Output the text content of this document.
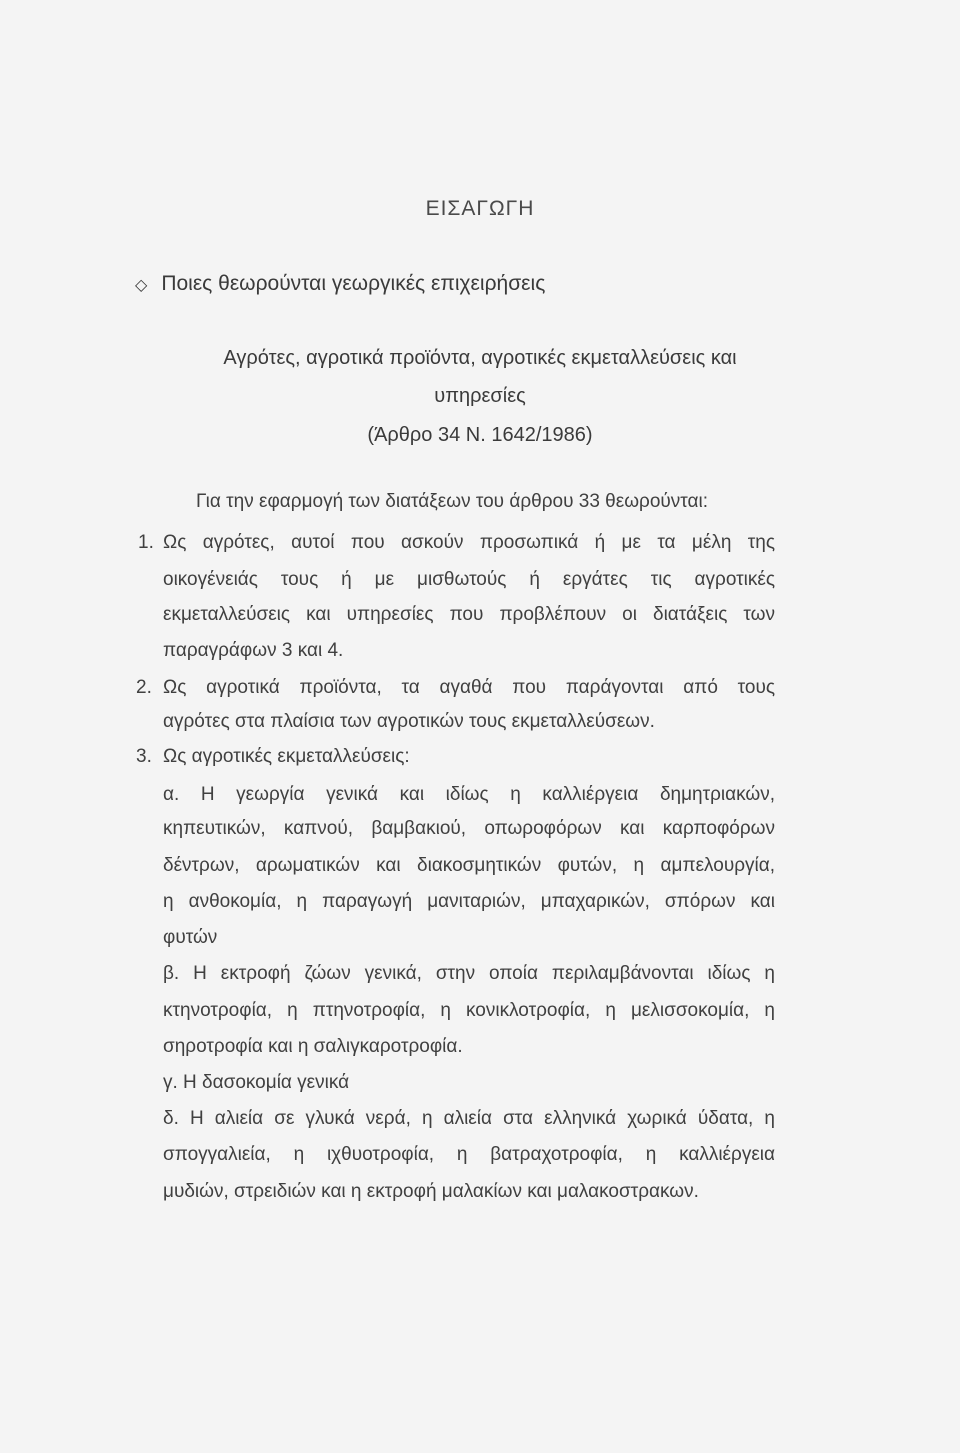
ΕΙΣΑΓΩΓΗ
◇ Ποιες θεωρούνται γεωργικές επιχειρήσεις
Αγρότες, αγροτικά προϊόντα, αγροτικές εκμεταλλεύσεις και
υπηρεσίες
(Άρθρο 34 Ν. 1642/1986)
Για την εφαρμογή των διατάξεων του άρθρου 33 θεωρούνται:
1. Ως αγρότες, αυτοί που ασκούν προσωπικά ή με τα μέλη της
οικογένειάς τους ή με μισθωτούς ή εργάτες τις αγροτικές
εκμεταλλεύσεις και υπηρεσίες που προβλέπουν οι διατάξεις των
παραγράφων 3 και 4.
2. Ως αγροτικά προϊόντα, τα αγαθά που παράγονται από τους
αγρότες στα πλαίσια των αγροτικών τους εκμεταλλεύσεων.
3. Ως αγροτικές εκμεταλλεύσεις:
α. Η γεωργία γενικά και ιδίως η καλλιέργεια δημητριακών,
κηπευτικών, καπνού, βαμβακιού, οπωροφόρων και καρποφόρων
δέντρων, αρωματικών και διακοσμητικών φυτών, η αμπελουργία,
η ανθοκομία, η παραγωγή μανιταριών, μπαχαρικών, σπόρων και
φυτών
β. Η εκτροφή ζώων γενικά, στην οποία περιλαμβάνονται ιδίως η
κτηνοτροφία, η πτηνοτροφία, η κονικλοτροφία, η μελισσοκομία, η
σηροτροφία και η σαλιγκαροτροφία.
γ. Η δασοκομία γενικά
δ. Η αλιεία σε γλυκά νερά, η αλιεία στα ελληνικά χωρικά ύδατα, η
σπογγαλιεία, η ιχθυοτροφία, η βατραχοτροφία, η καλλιέργεια
μυδιών, στρειδιών και η εκτροφή μαλακίων και μαλακοστρακων.
